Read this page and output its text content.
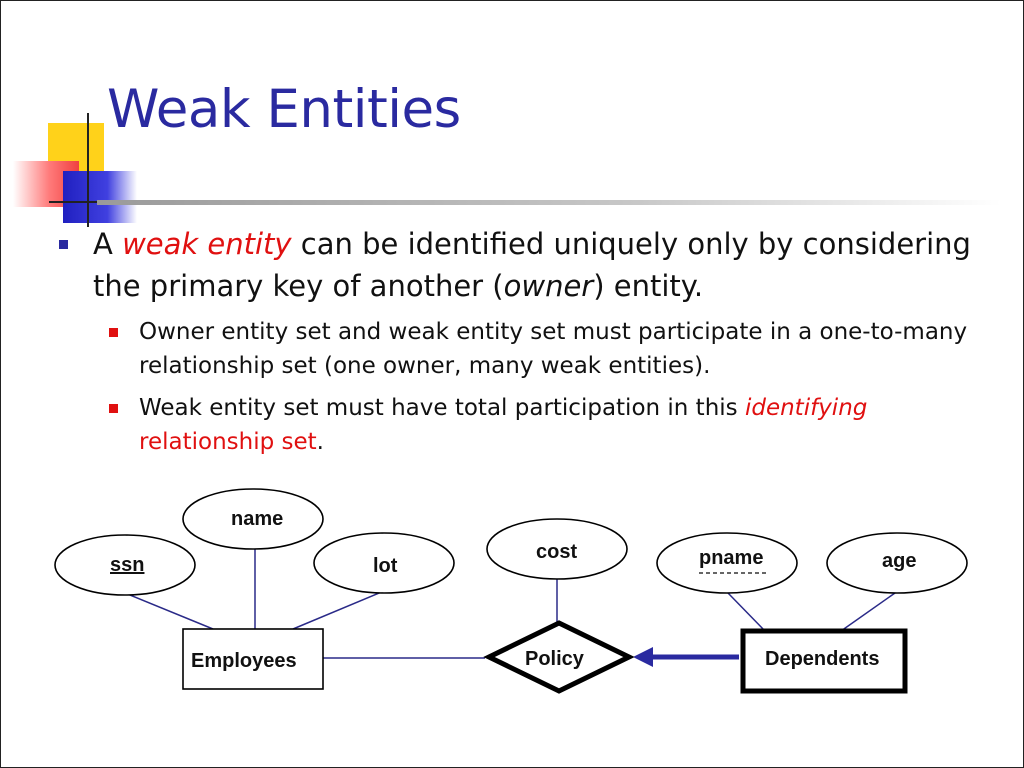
Weak Entities
A weak entity can be identified uniquely only by considering the primary key of another (owner) entity.
Owner entity set and weak entity set must participate in a one-to-many relationship set (one owner, many weak entities).
Weak entity set must have total participation in this identifying
relationship set.
ssn
name
lot
cost	pname	age
Employees	Dependents
Policy
